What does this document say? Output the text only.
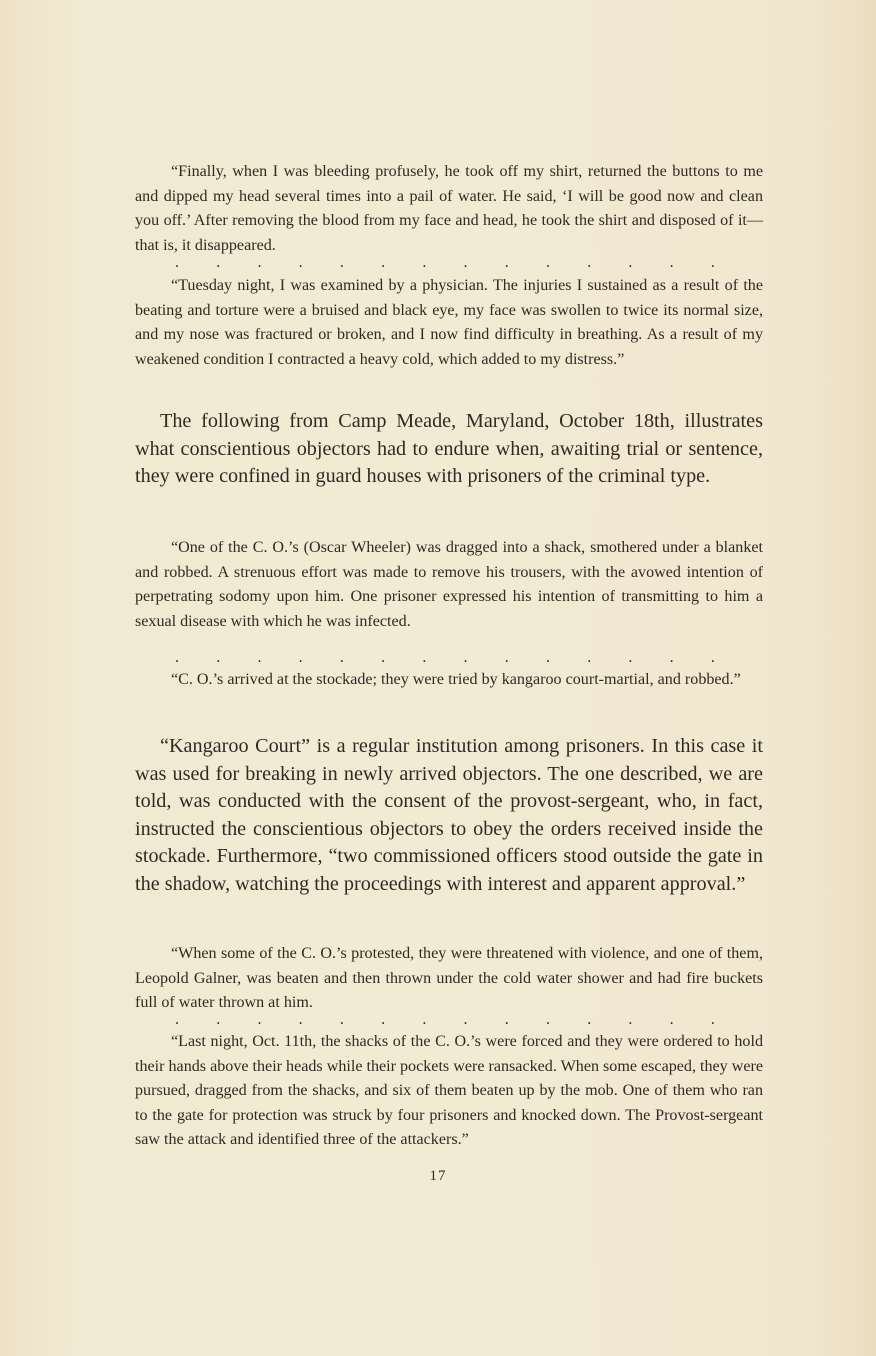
“Finally, when I was bleeding profusely, he took off my shirt, returned the buttons to me and dipped my head several times into a pail of water. He said, ‘I will be good now and clean you off.’ After removing the blood from my face and head, he took the shirt and disposed of it—that is, it disappeared.

. . . . . . . . . . . . . .

“Tuesday night, I was examined by a physician. The injuries I sustained as a result of the beating and torture were a bruised and black eye, my face was swollen to twice its normal size, and my nose was fractured or broken, and I now find difficulty in breathing. As a result of my weakened condition I contracted a heavy cold, which added to my distress.”

The following from Camp Meade, Maryland, October 18th, illustrates what conscientious objectors had to endure when, awaiting trial or sentence, they were confined in guard houses with prisoners of the criminal type.

“One of the C. O.’s (Oscar Wheeler) was dragged into a shack, smothered under a blanket and robbed. A strenuous effort was made to remove his trousers, with the avowed intention of perpetrating sodomy upon him. One prisoner expressed his intention of transmitting to him a sexual disease with which he was infected.

. . . . . . . . . . . . . .

“C. O.’s arrived at the stockade; they were tried by kangaroo court-martial, and robbed.”

“Kangaroo Court” is a regular institution among prisoners. In this case it was used for breaking in newly arrived objectors. The one described, we are told, was conducted with the consent of the provost-sergeant, who, in fact, instructed the conscientious objectors to obey the orders received inside the stockade. Furthermore, “two commissioned officers stood outside the gate in the shadow, watching the proceedings with interest and apparent approval.”

“When some of the C. O.’s protested, they were threatened with violence, and one of them, Leopold Galner, was beaten and then thrown under the cold water shower and had fire buckets full of water thrown at him.

. . . . . . . . . . . . . .

“Last night, Oct. 11th, the shacks of the C. O.’s were forced and they were ordered to hold their hands above their heads while their pockets were ransacked. When some escaped, they were pursued, dragged from the shacks, and six of them beaten up by the mob. One of them who ran to the gate for protection was struck by four prisoners and knocked down. The Provost-sergeant saw the attack and identified three of the attackers.”

17
